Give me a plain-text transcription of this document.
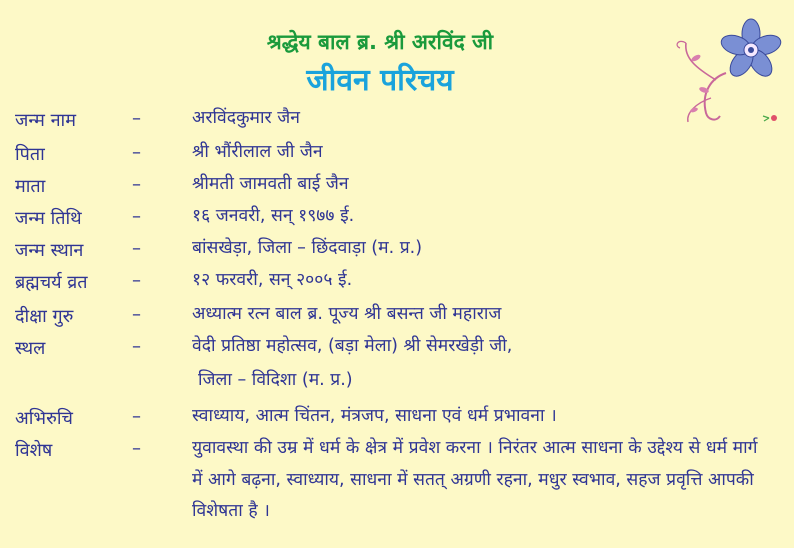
श्रद्धेय बाल ब्र. श्री अरविंद जी
जीवन परिचय
जन्म नाम	–	अरविंदकुमार जैन
पिता	–	श्री भौंरीलाल जी जैन
माता	–	श्रीमती जामवती बाई जैन
जन्म तिथि	–	१६ जनवरी, सन् १९७७ ई.
जन्म स्थान	–	बांसखेड़ा, जिला – छिंदवाड़ा (म. प्र.)
ब्रह्मचर्य व्रत –	१२ फरवरी, सन् २००५ ई.
दीक्षा गुरु	–	अध्यात्म रत्न बाल ब्र. पूज्य श्री बसन्त जी महाराज
स्थल	–	वेदी प्रतिष्ठा महोत्सव, (बड़ा मेला) श्री सेमरखेड़ी जी,
जिला – विदिशा (म. प्र.)
अभिरुचि	–	स्वाध्याय, आत्म चिंतन, मंत्रजप, साधना एवं धर्म प्रभावना ।
विशेष	–	युवावस्था की उम्र में धर्म के क्षेत्र में प्रवेश करना । निरंतर आत्म साधना के उद्देश्य से धर्म मार्ग में आगे बढ़ना, स्वाध्याय, साधना में सतत् अग्रणी रहना, मधुर स्वभाव, सहज प्रवृत्ति आपकी विशेषता है ।
